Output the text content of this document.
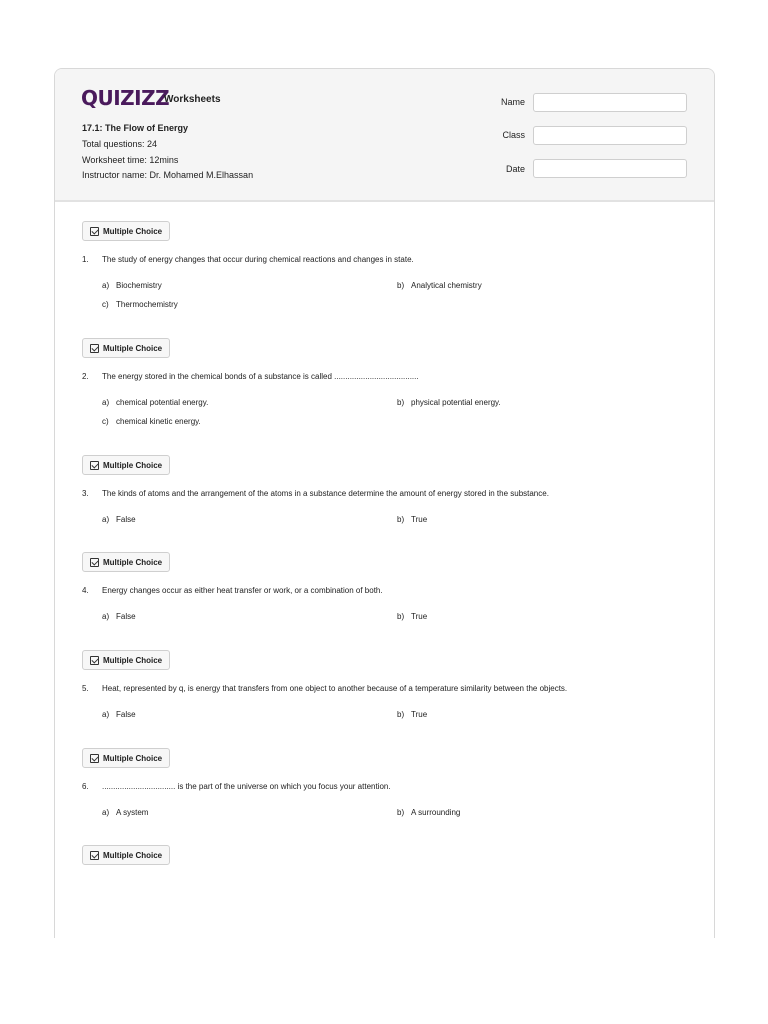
QUIZIZZ
Worksheets
17.1: The Flow of Energy
Total questions: 24
Worksheet time: 12mins
Instructor name: Dr. Mohamed M.Elhassan
Name
Class
Date
Multiple Choice
1. The study of energy changes that occur during chemical reactions and changes in state.
a) Biochemistry	b) Analytical chemistry
c) Thermochemistry
Multiple Choice
2. The energy stored in the chemical bonds of a substance is called ......................................
a) chemical potential energy.	b) physical potential energy.
c) chemical kinetic energy.
Multiple Choice
3. The kinds of atoms and the arrangement of the atoms in a substance determine the amount of energy stored in the substance.
a) False	b) True
Multiple Choice
4. Energy changes occur as either heat transfer or work, or a combination of both.
a) False	b) True
Multiple Choice
5. Heat, represented by q, is energy that transfers from one object to another because of a temperature similarity between the objects.
a) False	b) True
Multiple Choice
6. ................................. is the part of the universe on which you focus your attention.
a) A system	b) A surrounding
Multiple Choice
